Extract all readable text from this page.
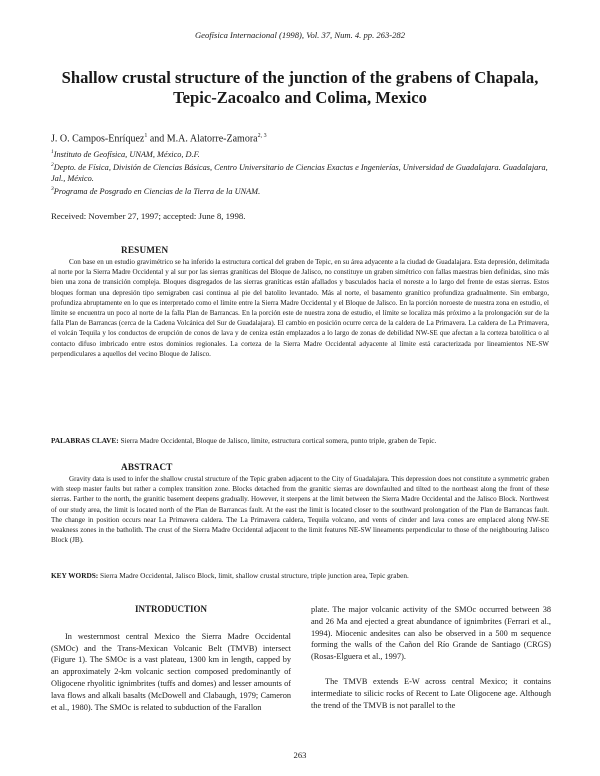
Geofísica Internacional (1998), Vol. 37, Num. 4. pp. 263-282
Shallow crustal structure of the junction of the grabens of Chapala, Tepic-Zacoalco and Colima, Mexico
J. O. Campos-Enríquez$^1$ and M.A. Alatorre-Zamora$^{2, 3}$
$^1$Instituto de Geofísica, UNAM, México, D.F.
$^2$Depto. de Física, División de Ciencias Básicas, Centro Universitario de Ciencias Exactas e Ingenierías, Universidad de Guadalajara. Guadalajara, Jal., México.
$^3$Programa de Posgrado en Ciencias de la Tierra de la UNAM.
Received: November 27, 1997; accepted: June 8, 1998.
RESUMEN
Con base en un estudio gravimétrico se ha inferido la estructura cortical del graben de Tepic, en su área adyacente a la ciudad de Guadalajara. Esta depresión, delimitada al norte por la Sierra Madre Occidental y al sur por las sierras graníticas del Bloque de Jalisco, no constituye un graben simétrico con fallas maestras bien definidas, sino más bien una zona de transición compleja. Bloques disgregados de las sierras graníticas están afallados y basculados hacia el noreste a lo largo del frente de estas sierras. Estos bloques forman una depresión tipo semigraben casi continua al pie del batolito levantado. Más al norte, el basamento granítico profundiza gradualmente. Sin embargo, profundiza abruptamente en lo que es interpretado como el límite entre la Sierra Madre Occidental y el Bloque de Jalisco. En la porción noroeste de nuestra zona en estudio, el límite se encuentra un poco al norte de la falla Plan de Barrancas. En la porción este de nuestra zona de estudio, el límite se localiza más próximo a la prolongación sur de la falla Plan de Barrancas (cerca de la Cadena Volcánica del Sur de Guadalajara). El cambio en posición ocurre cerca de la caldera de La Primavera. La caldera de La Primavera, el volcán Tequila y los conductos de erupción de conos de lava y de ceniza están emplazados a lo largo de zonas de debilidad NW-SE que afectan a la corteza batolítica o al contacto difuso imbricado entre estos dominios regionales. La corteza de la Sierra Madre Occidental adyacente al límite está caracterizada por lineamientos NE-SW perpendiculares a aquellos del vecino Bloque de Jalisco.
PALABRAS CLAVE: Sierra Madre Occidental, Bloque de Jalisco, límite, estructura cortical somera, punto triple, graben de Tepic.
ABSTRACT
Gravity data is used to infer the shallow crustal structure of the Tepic graben adjacent to the City of Guadalajara. This depression does not constitute a symmetric graben with steep master faults but rather a complex transition zone. Blocks detached from the granitic sierras are downfaulted and tilted to the northeast along the front of these sierras. Farther to the north, the granitic basement deepens gradually. However, it steepens at the limit between the Sierra Madre Occidental and the Jalisco Block. Northwest of our study area, the limit is located north of the Plan de Barrancas fault. At the east the limit is located closer to the southward prolongation of the Plan de Barrancas fault. The change in position occurs near La Primavera caldera. The La Primavera caldera, Tequila volcano, and vents of cinder and lava cones are emplaced along NW-SE weakness zones in the batholith. The crust of the Sierra Madre Occidental adjacent to the limit features NE-SW lineaments perpendicular to those of the neighbouring Jalisco Block (JB).
KEY WORDS: Sierra Madre Occidental, Jalisco Block, limit, shallow crustal structure, triple junction area, Tepic graben.
INTRODUCTION

In westernmost central Mexico the Sierra Madre Occidental (SMOc) and the Trans-Mexican Volcanic Belt (TMVB) intersect (Figure 1). The SMOc is a vast plateau, 1300 km in length, capped by an approximately 2-km volcanic section composed predominantly of Oligocene rhyolitic ignimbrites (tuffs and domes) and lesser amounts of lava flows and alkali basalts (McDowell and Clabaugh, 1979; Cameron et al., 1980). The SMOc is related to subduction of the Farallon

plate. The major volcanic activity of the SMOc occurred between 38 and 26 Ma and ejected a great abundance of ignimbrites (Ferrari et al., 1994). Miocenic andesites can also be observed in a 500 m sequence forming the walls of the Cañon del Río Grande de Santiago (CRGS) (Rosas-Elguera et al., 1997).

The TMVB extends E-W across central Mexico; it contains intermediate to silicic rocks of Recent to Late Oligocene age. Although the trend of the TMVB is not parallel to the

263
